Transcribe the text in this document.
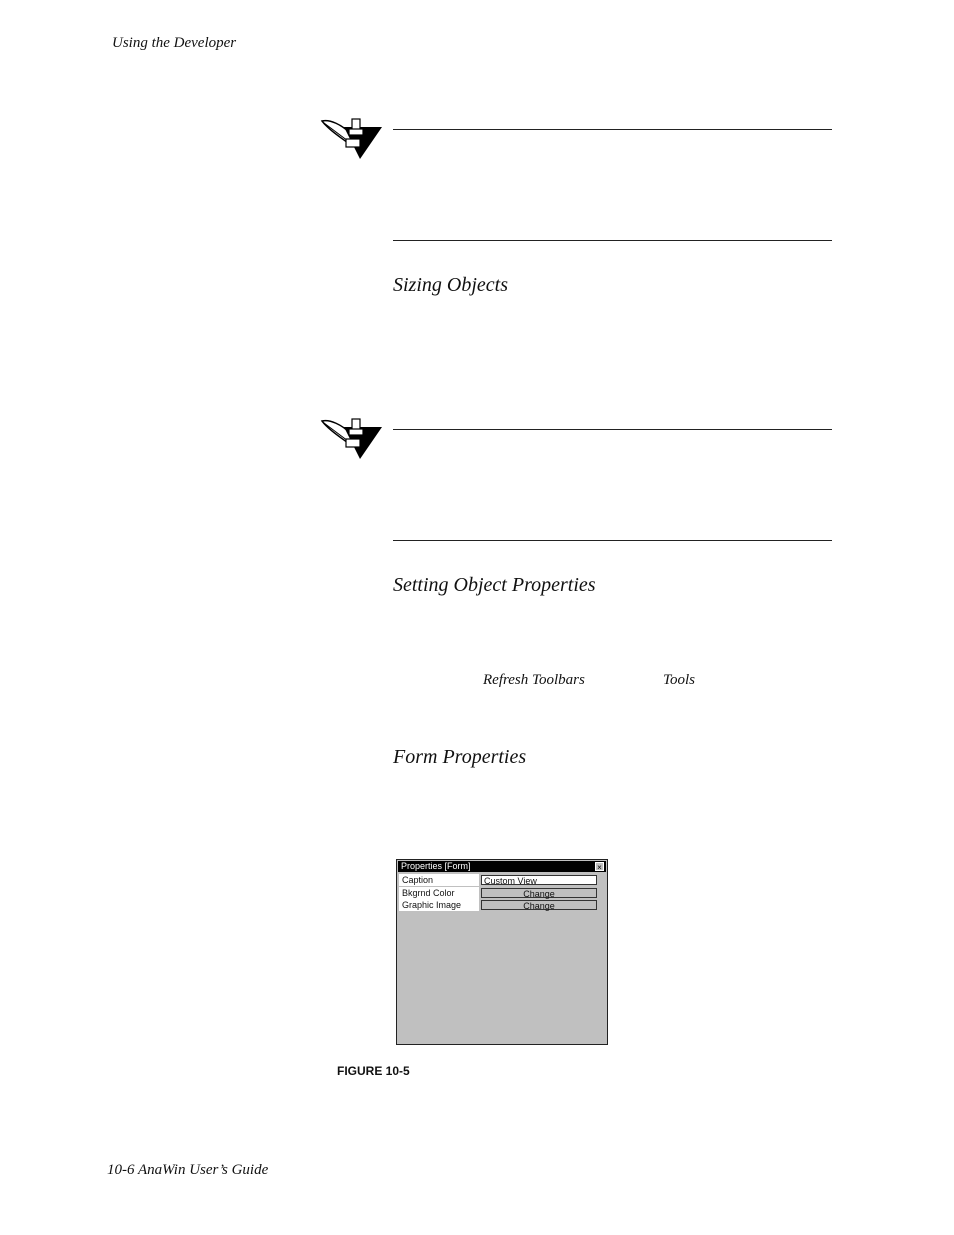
Using the Developer
Sizing Objects
Setting Object Properties
Refresh Toolbars	Tools
Form Properties
Properties [Form]	×
Caption	Custom View
Bkgrnd Color	Change
Graphic Image	Change
FIGURE 10-5
10-6 AnaWin User’s Guide
